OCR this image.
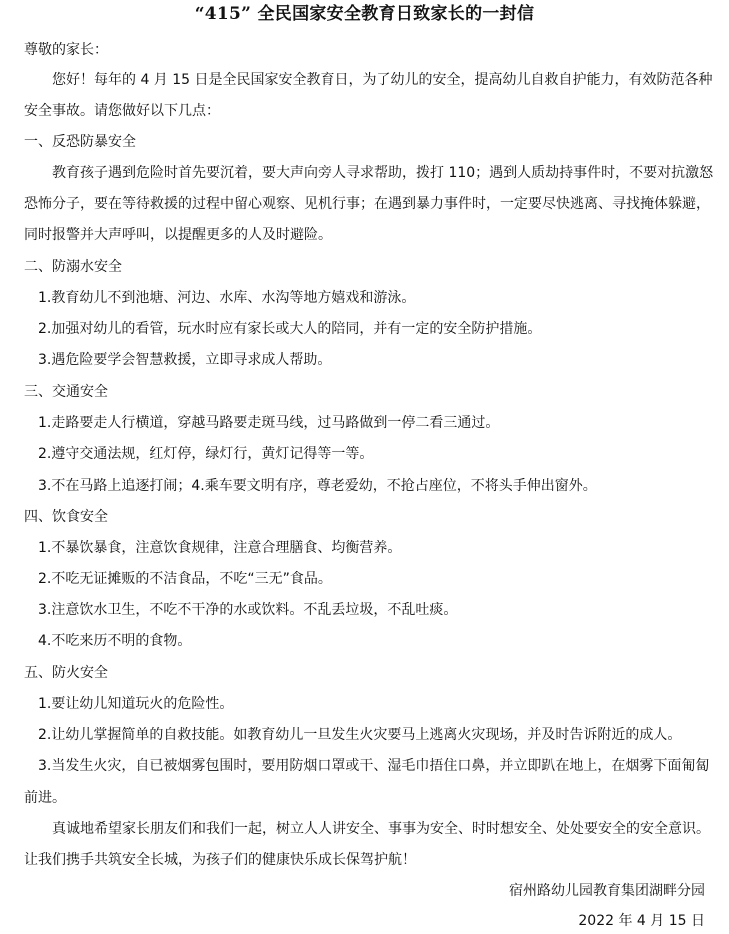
“415” 全民国家安全教育日致家长的一封信
尊敬的家长：
您好！每年的 4 月 15 日是全民国家安全教育日，为了幼儿的安全，提高幼儿自救自护能力，有效防范各种
安全事故。请您做好以下几点：
一、反恐防暴安全
教育孩子遇到危险时首先要沉着，要大声向旁人寻求帮助，拨打 110；遇到人质劫持事件时，不要对抗激怒
恐怖分子，要在等待救援的过程中留心观察、见机行事；在遇到暴力事件时，一定要尽快逃离、寻找掩体躲避，
同时报警并大声呼叫，以提醒更多的人及时避险。
二、防溺水安全
1.教育幼儿不到池塘、河边、水库、水沟等地方嬉戏和游泳。
2.加强对幼儿的看管，玩水时应有家长或大人的陪同，并有一定的安全防护措施。
3.遇危险要学会智慧救援，立即寻求成人帮助。
三、交通安全
1.走路要走人行横道，穿越马路要走斑马线，过马路做到一停二看三通过。
2.遵守交通法规，红灯停，绿灯行，黄灯记得等一等。
3.不在马路上追逐打闹；4.乘车要文明有序，尊老爱幼，不抢占座位，不将头手伸出窗外。
四、饮食安全
1.不暴饮暴食，注意饮食规律，注意合理膳食、均衡营养。
2.不吃无证摊贩的不洁食品，不吃“三无”食品。
3.注意饮水卫生，不吃不干净的水或饮料。不乱丢垃圾，不乱吐痰。
4.不吃来历不明的食物。
五、防火安全
1.要让幼儿知道玩火的危险性。
2.让幼儿掌握简单的自救技能。如教育幼儿一旦发生火灾要马上逃离火灾现场，并及时告诉附近的成人。
3.当发生火灾，自已被烟雾包围时，要用防烟口罩或干、湿毛巾捂住口鼻，并立即趴在地上，在烟雾下面匍匐
前进。
真诚地希望家长朋友们和我们一起，树立人人讲安全、事事为安全、时时想安全、处处要安全的安全意识。
让我们携手共筑安全长城，为孩子们的健康快乐成长保驾护航！
宿州路幼儿园教育集团湖畔分园
2022 年 4 月 15 日
